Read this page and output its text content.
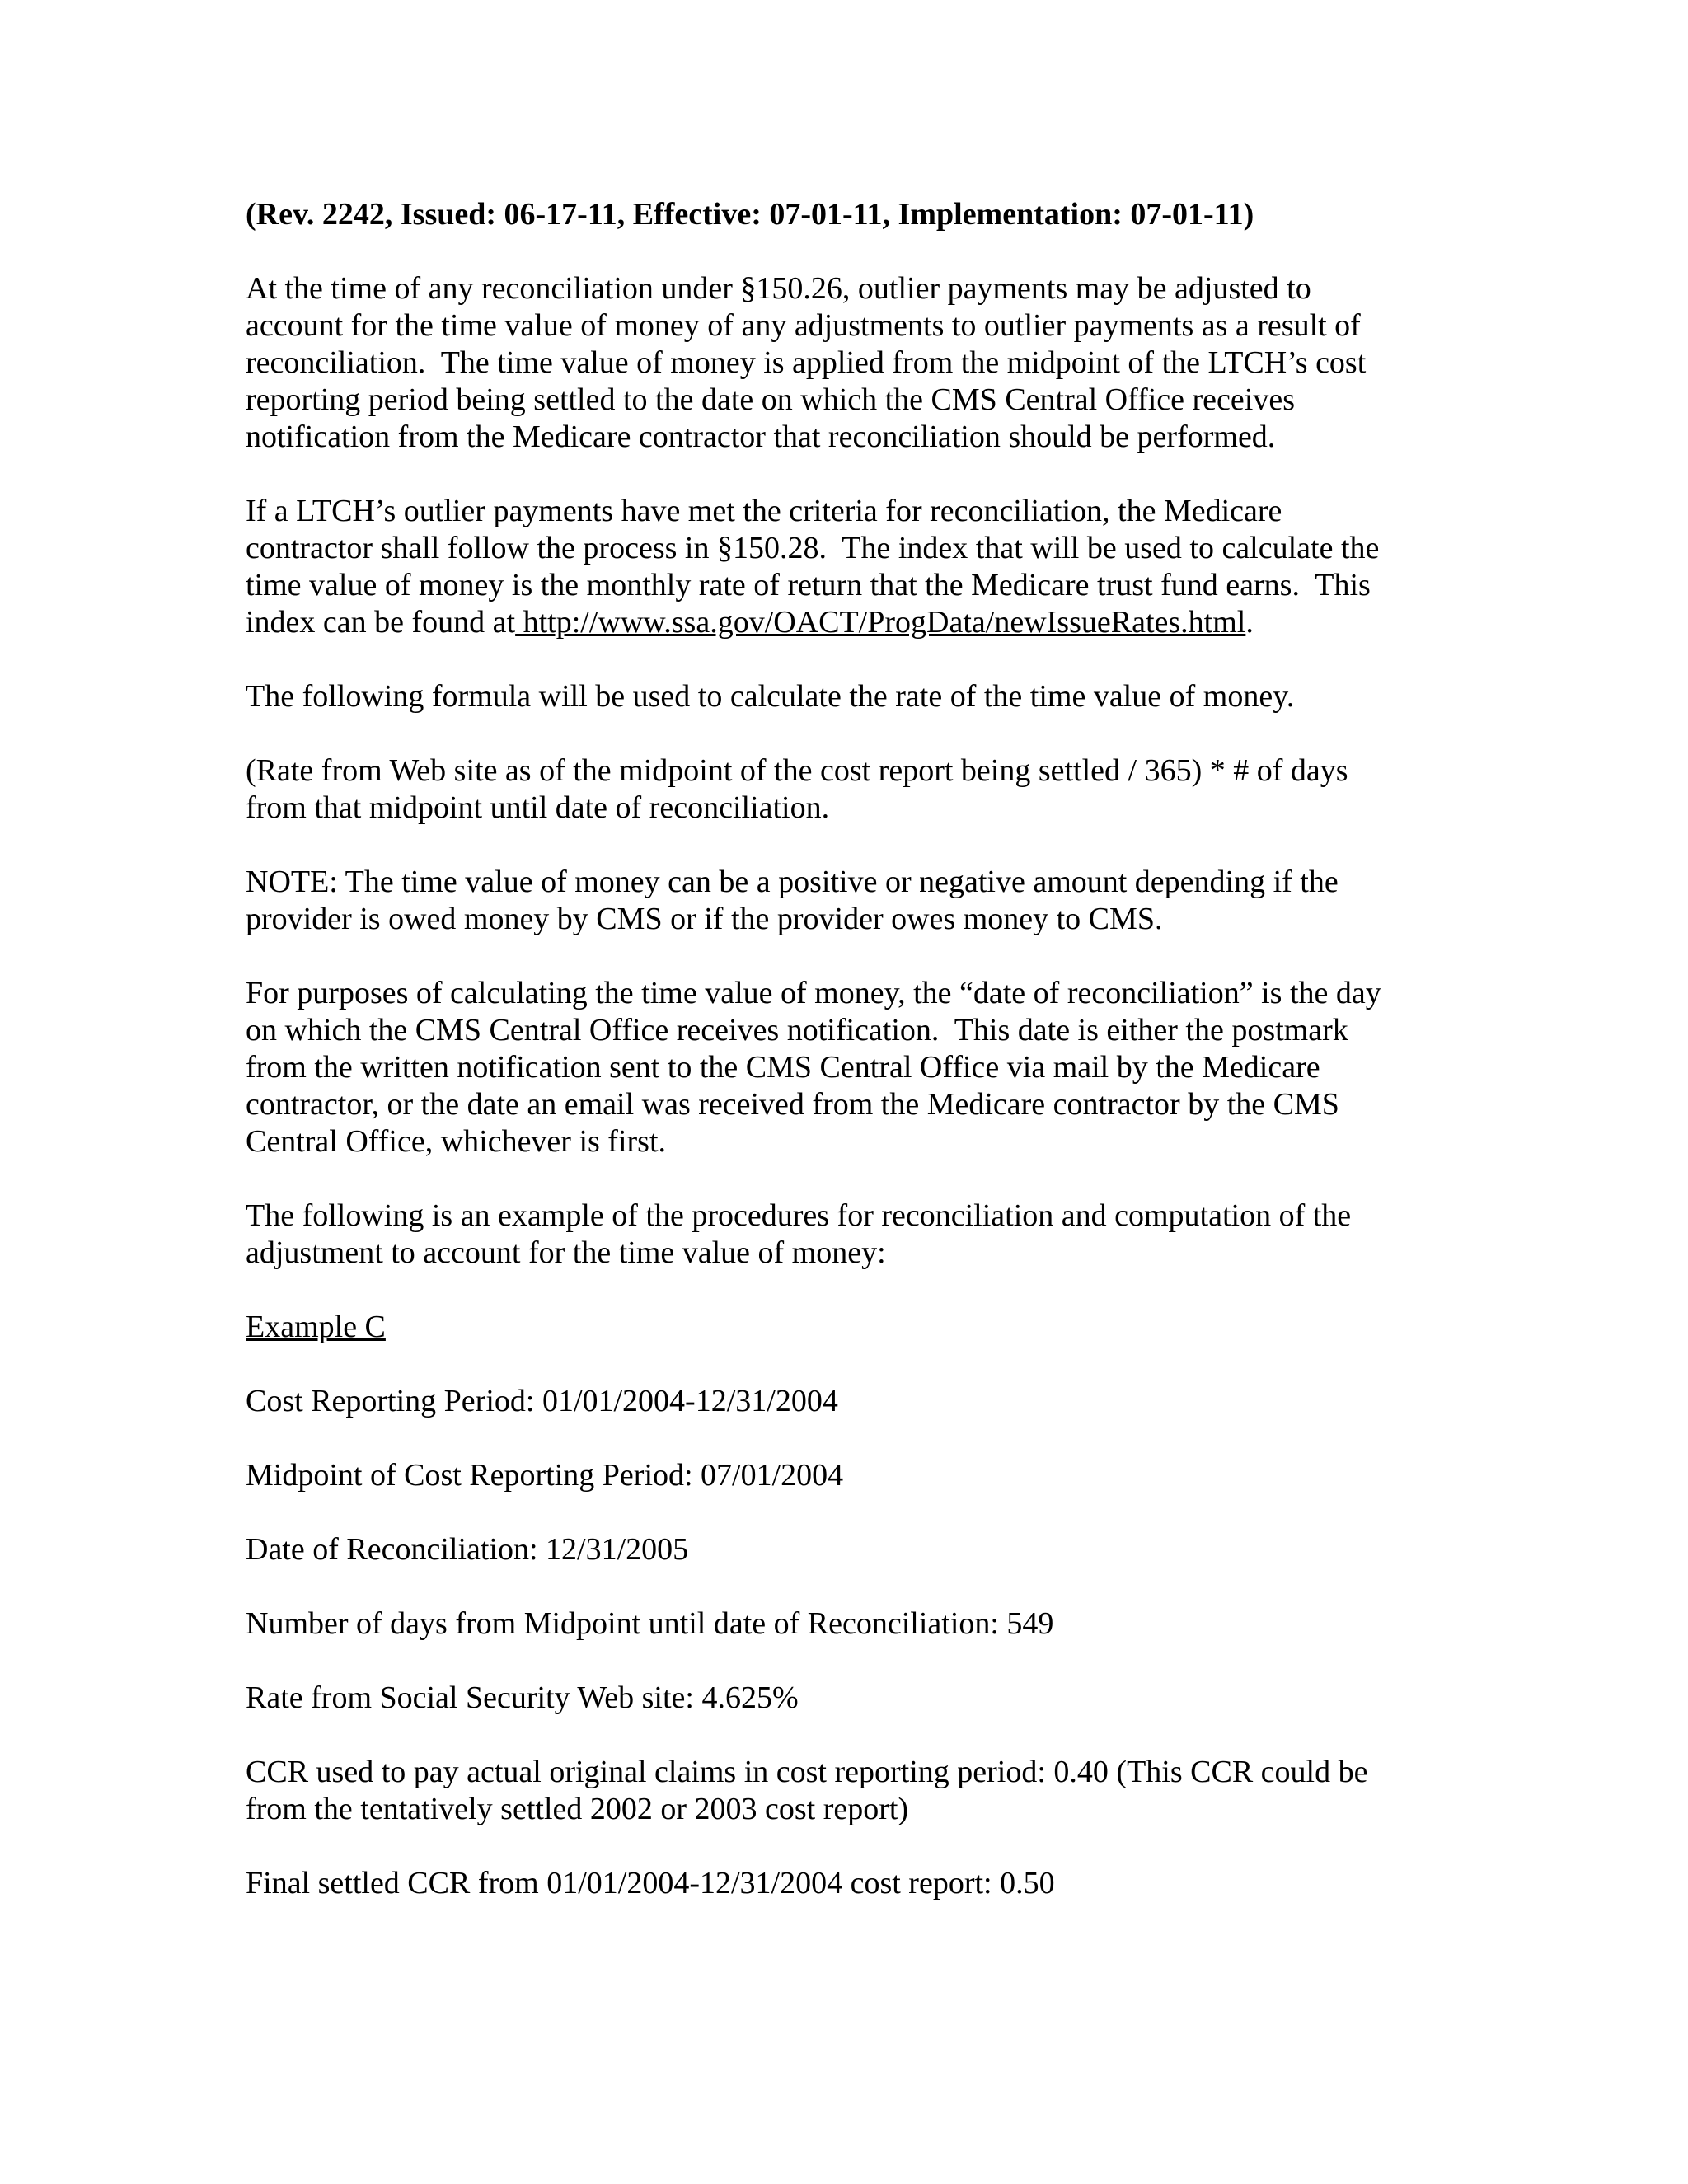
(Rev. 2242, Issued: 06-17-11, Effective: 07-01-11, Implementation: 07-01-11)

At the time of any reconciliation under §150.26, outlier payments may be adjusted to

account for the time value of money of any adjustments to outlier payments as a result of

reconciliation.  The time value of money is applied from the midpoint of the LTCH’s cost

reporting period being settled to the date on which the CMS Central Office receives

notification from the Medicare contractor that reconciliation should be performed.

If a LTCH’s outlier payments have met the criteria for reconciliation, the Medicare

contractor shall follow the process in §150.28.  The index that will be used to calculate the

time value of money is the monthly rate of return that the Medicare trust fund earns.  This

index can be found at http://www.ssa.gov/OACT/ProgData/newIssueRates.html.

The following formula will be used to calculate the rate of the time value of money.

(Rate from Web site as of the midpoint of the cost report being settled / 365) * # of days

from that midpoint until date of reconciliation.

NOTE: The time value of money can be a positive or negative amount depending if the

provider is owed money by CMS or if the provider owes money to CMS.

For purposes of calculating the time value of money, the “date of reconciliation” is the day

on which the CMS Central Office receives notification.  This date is either the postmark

from the written notification sent to the CMS Central Office via mail by the Medicare

contractor, or the date an email was received from the Medicare contractor by the CMS

Central Office, whichever is first.

The following is an example of the procedures for reconciliation and computation of the

adjustment to account for the time value of money:

Example C

Cost Reporting Period: 01/01/2004-12/31/2004

Midpoint of Cost Reporting Period: 07/01/2004

Date of Reconciliation: 12/31/2005

Number of days from Midpoint until date of Reconciliation: 549

Rate from Social Security Web site: 4.625%

CCR used to pay actual original claims in cost reporting period: 0.40 (This CCR could be

from the tentatively settled 2002 or 2003 cost report)

Final settled CCR from 01/01/2004-12/31/2004 cost report: 0.50
